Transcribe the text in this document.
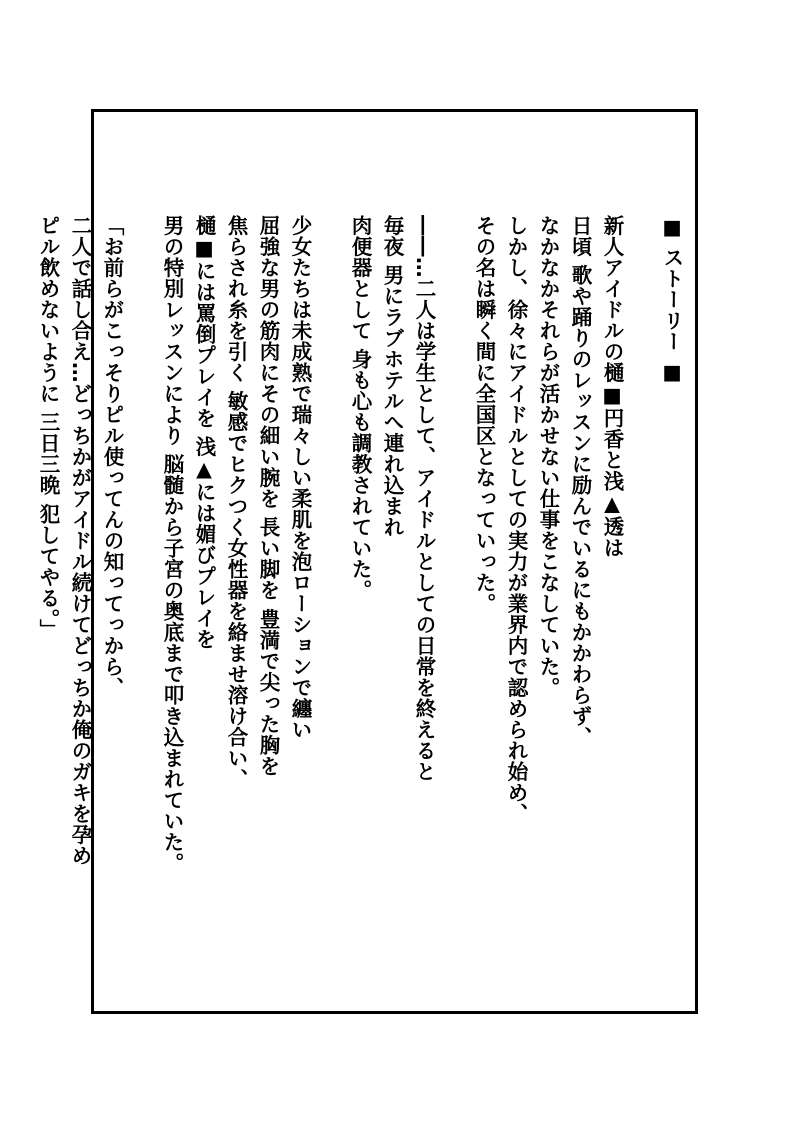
■ ストーリー ■
新人アイドルの樋■円香と浅▲透は
日頃 歌や踊りのレッスンに励んでいるにもかかわらず、
なかなかそれらが活かせない仕事をこなしていた。
しかし、徐々にアイドルとしての実力が業界内で認められ始め、
その名は瞬く間に全国区となっていった。
――…二人は学生として、アイドルとしての日常を終えると
毎夜 男にラブホテルへ連れ込まれ
肉便器として 身も心も調教されていた。
少女たちは未成熟で瑞々しい柔肌を泡ローションで纏い
屈強な男の筋肉にその細い腕を 長い脚を 豊満で尖った胸を
焦らされ糸を引く 敏感でヒクつく女性器を絡ませ溶け合い、
樋■には罵倒プレイを 浅▲には媚びプレイを
男の特別レッスンにより 脳髄から子宮の奥底まで叩き込まれていた。
「お前らがこっそりピル使ってんの知ってっから、
二人で話し合え…どっちかがアイドル続けてどっちか俺のガキを孕め
ピル飲めないように 三日三晩 犯してやる。」
